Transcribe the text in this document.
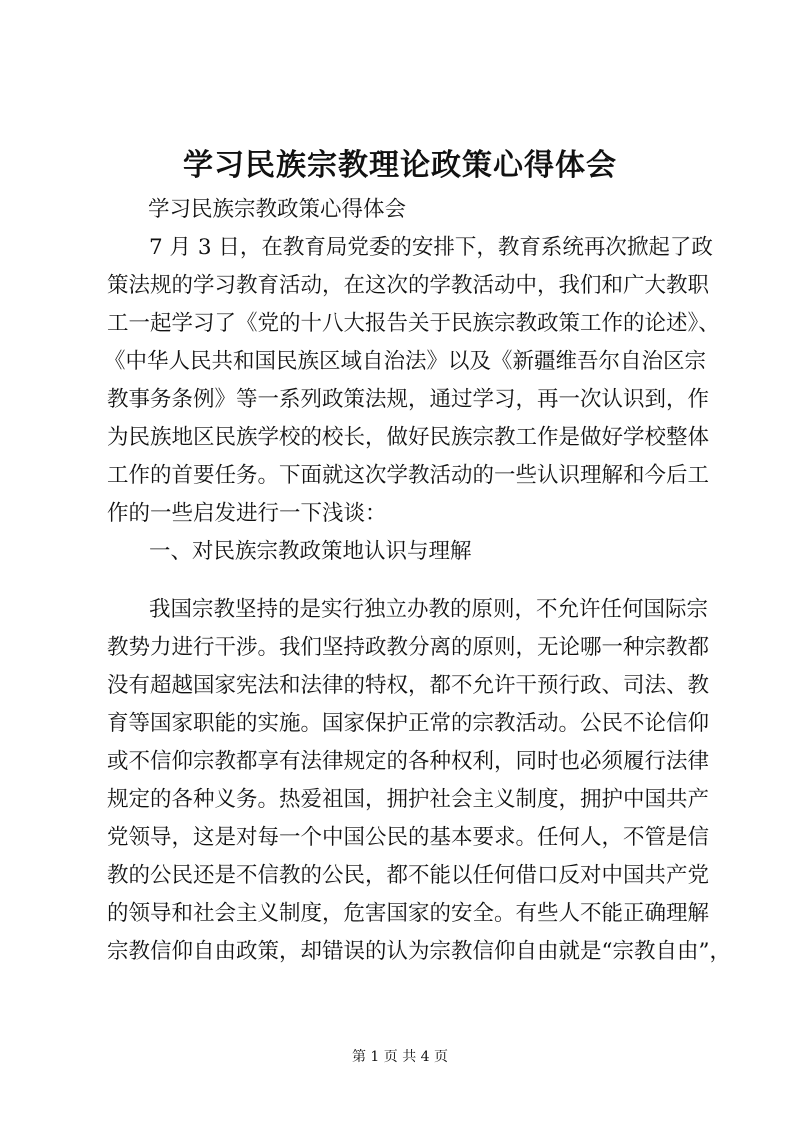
学习民族宗教理论政策心得体会
学习民族宗教政策心得体会
7 月 3 日，在教育局党委的安排下，教育系统再次掀起了政
策法规的学习教育活动，在这次的学教活动中，我们和广大教职
工一起学习了《党的十八大报告关于民族宗教政策工作的论述》、
《中华人民共和国民族区域自治法》以及《新疆维吾尔自治区宗
教事务条例》等一系列政策法规，通过学习，再一次认识到，作
为民族地区民族学校的校长，做好民族宗教工作是做好学校整体
工作的首要任务。下面就这次学教活动的一些认识理解和今后工
作的一些启发进行一下浅谈：
一、对民族宗教政策地认识与理解
我国宗教坚持的是实行独立办教的原则，不允许任何国际宗
教势力进行干涉。我们坚持政教分离的原则，无论哪一种宗教都
没有超越国家宪法和法律的特权，都不允许干预行政、司法、教
育等国家职能的实施。国家保护正常的宗教活动。公民不论信仰
或不信仰宗教都享有法律规定的各种权利，同时也必须履行法律
规定的各种义务。热爱祖国，拥护社会主义制度，拥护中国共产
党领导，这是对每一个中国公民的基本要求。任何人，不管是信
教的公民还是不信教的公民，都不能以任何借口反对中国共产党
的领导和社会主义制度，危害国家的安全。有些人不能正确理解
宗教信仰自由政策，却错误的认为宗教信仰自由就是“宗教自由”，
第 1 页 共 4 页
